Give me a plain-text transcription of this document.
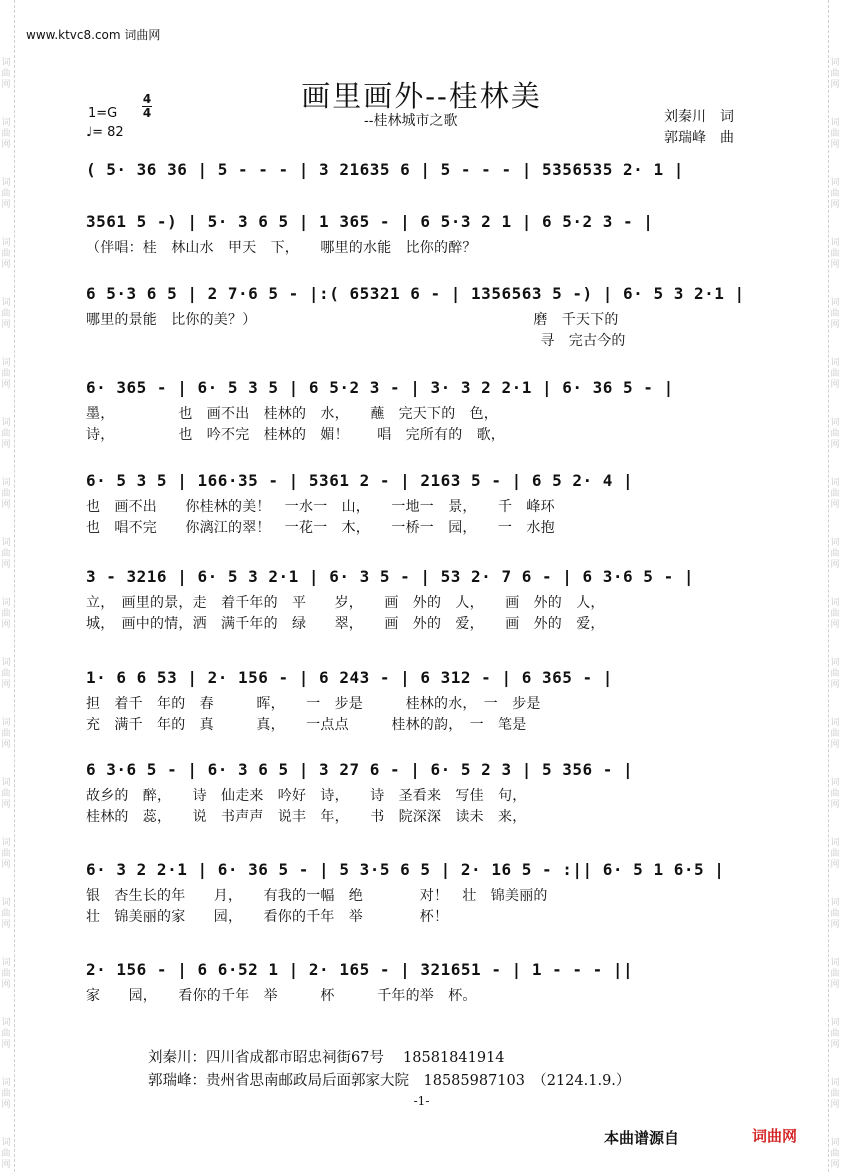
词曲网
词曲网
词曲网
词曲网
词曲网
词曲网
词曲网
词曲网
词曲网
词曲网
词曲网
词曲网
词曲网
词曲网
词曲网
词曲网
词曲网
词曲网
词曲网
词曲网
词曲网
词曲网
词曲网
词曲网
词曲网
词曲网
词曲网
词曲网
词曲网
词曲网
词曲网
词曲网
词曲网
词曲网
词曲网
词曲网
词曲网
词曲网
www.ktvc8.com 词曲网
画里画外--桂林美
--桂林城市之歌	刘秦川　词
郭瑞峰　曲
1=G
4
4
♩= 82
( 5· 36 36 | 5 - - - | 3 21635 6 | 5 - - - | 5356535 2· 1 |
3561 5 -) | 5· 3 6 5 | 1 365 - | 6 5·3 2 1 | 6 5·2 3 - |
（伴唱：桂　林山水　甲天　下，　　哪里的水能　比你的醉？
6 5·3 6 5 | 2 7·6 5 - |:( 65321 6 - | 1356563 5 -) | 6· 5 3 2·1 |
哪里的景能　比你的美？）　　　　　　　　　　　　　　　　　　　　磨　千天下的
　　　　　　　　　　　　　　　　　　　　　　　　　　　　　　　　寻　完古今的
6· 365 - | 6· 5 3 5 | 6 5·2 3 - | 3· 3 2 2·1 | 6· 36 5 - |
墨，　　　　　也　画不出　桂林的　水，　　蘸　完天下的　色，
诗，　　　　　也　吟不完　桂林的　媚！　　唱　完所有的　歌，
6· 5 3 5 | 166·35 - | 5361 2 - | 2163 5 - | 6 5 2· 4 |
也　画不出　　你桂林的美！　一水一　山，　　一地一　景，　　千　峰环
也　唱不完　　你漓江的翠！　一花一　木，　　一桥一　园，　　一　水抱
3 - 3216 | 6· 5 3 2·1 | 6· 3 5 - | 53 2· 7 6 - | 6 3·6 5 - |
立，　画里的景，走　着千年的　平　　岁，　　画　外的　人，　　画　外的　人，
城，　画中的情，洒　满千年的　绿　　翠，　　画　外的　爱，　　画　外的　爱，
1· 6 6 53 | 2· 156 - | 6 243 - | 6 312 - | 6 365 - |
担　着千　年的　春　　　晖，　　一　步是　　　桂林的水，　一　步是
充　满千　年的　真　　　真，　　一点点　　　桂林的韵，　一　笔是
6 3·6 5 - | 6· 3 6 5 | 3 27 6 - | 6· 5 2 3 | 5 356 - |
故乡的　醉，　　诗　仙走来　吟好　诗，　　诗　圣看来　写佳　句，
桂林的　蕊，　　说　书声声　说丰　年，　　书　院深深　读未　来，
6· 3 2 2·1 | 6· 36 5 - | 5 3·5 6 5 | 2· 16 5 - :|| 6· 5 1 6·5 |
银　杏生长的年　　月，　　有我的一幅　绝　　　　对！　壮　锦美丽的
壮　锦美丽的家　　园，　　看你的千年　举　　　　杯！
2· 156 - | 6 6·52 1 | 2· 165 - | 321651 - | 1 - - - ||
家　　园，　　看你的千年　举　　　杯　　　千年的举　杯。
刘秦川：四川省成都市昭忠祠街67号　 18581841914
郭瑞峰：贵州省思南邮政局后面郭家大院　18585987103　（2124.1.9.）
-1-
本曲谱源自	词曲网
